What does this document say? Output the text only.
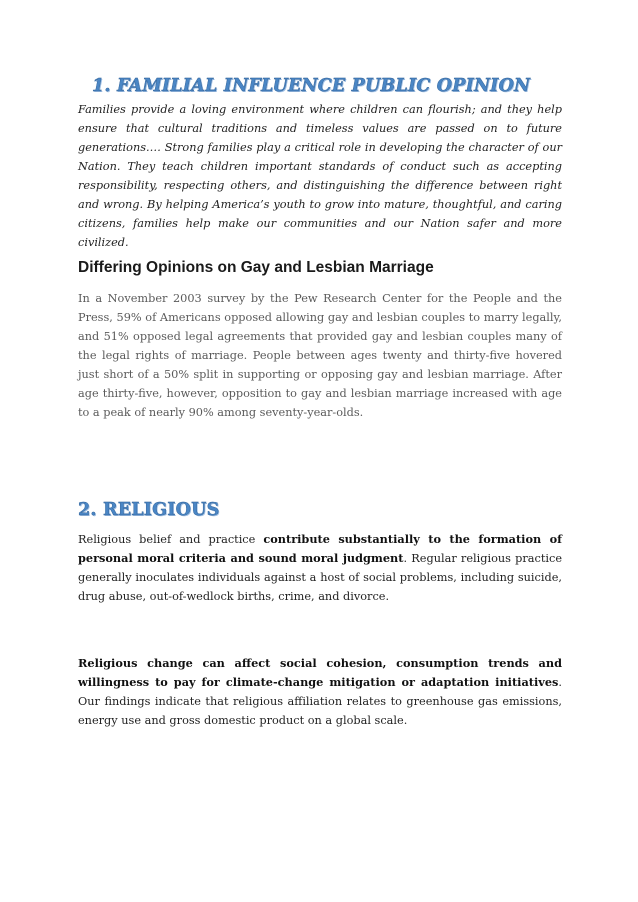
1. FAMILIAL INFLUENCE PUBLIC OPINION

Families provide a loving environment where children can flourish; and they help ensure that cultural traditions and timeless values are passed on to future generations.… Strong families play a critical role in developing the character of our Nation. They teach children important standards of conduct such as accepting responsibility, respecting others, and distinguishing the difference between right and wrong. By helping America’s youth to grow into mature, thoughtful, and caring citizens, families help make our communities and our Nation safer and more civilized.

Differing Opinions on Gay and Lesbian Marriage

In a November 2003 survey by the Pew Research Center for the People and the Press, 59% of Americans opposed allowing gay and lesbian couples to marry legally, and 51% opposed legal agreements that provided gay and lesbian couples many of the legal rights of marriage. People between ages twenty and thirty-five hovered just short of a 50% split in supporting or opposing gay and lesbian marriage. After age thirty-five, however, opposition to gay and lesbian marriage increased with age to a peak of nearly 90% among seventy-year-olds.

2. RELIGIOUS

Religious belief and practice contribute substantially to the formation of personal moral criteria and sound moral judgment. Regular religious practice generally inoculates individuals against a host of social problems, including suicide, drug abuse, out-of-wedlock births, crime, and divorce.

Religious change can affect social cohesion, consumption trends and willingness to pay for climate-change mitigation or adaptation initiatives. Our findings indicate that religious affiliation relates to greenhouse gas emissions, energy use and gross domestic product on a global scale.
